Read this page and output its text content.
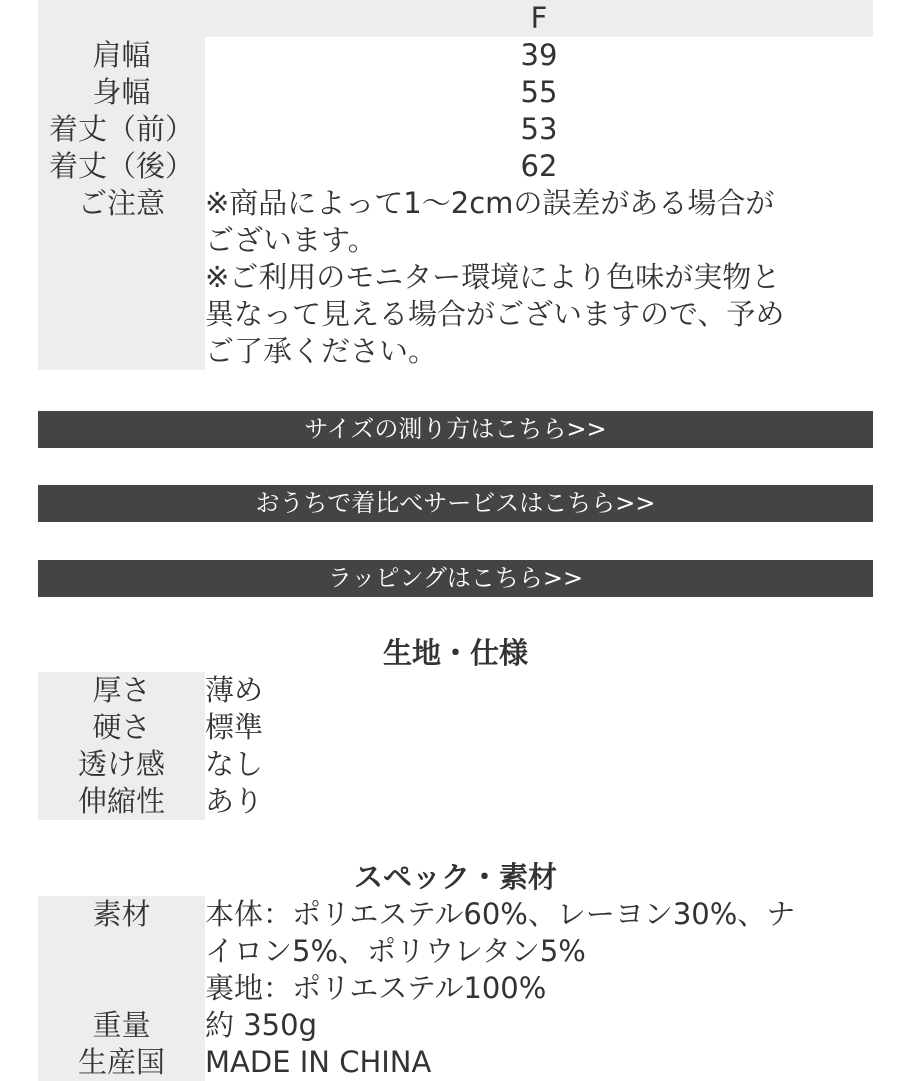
F
肩幅	39
身幅	55
着丈（前）	53
着丈（後）	62
ご注意	※商品によって1〜2cmの誤差がある場合が
ございます。
※ご利用のモニター環境により色味が実物と
異なって見える場合がございますので、予め
ご了承ください。
サイズの測り方はこちら>>
おうちで着比べサービスはこちら>>
ラッピングはこちら>>
生地・仕様
厚さ	薄め
硬さ	標準
透け感	なし
伸縮性	あり
スペック・素材
素材	本体：ポリエステル60%、レーヨン30%、ナ
イロン5%、ポリウレタン5%
裏地：ポリエステル100%
重量	約 350g
生産国	MADE IN CHINA
